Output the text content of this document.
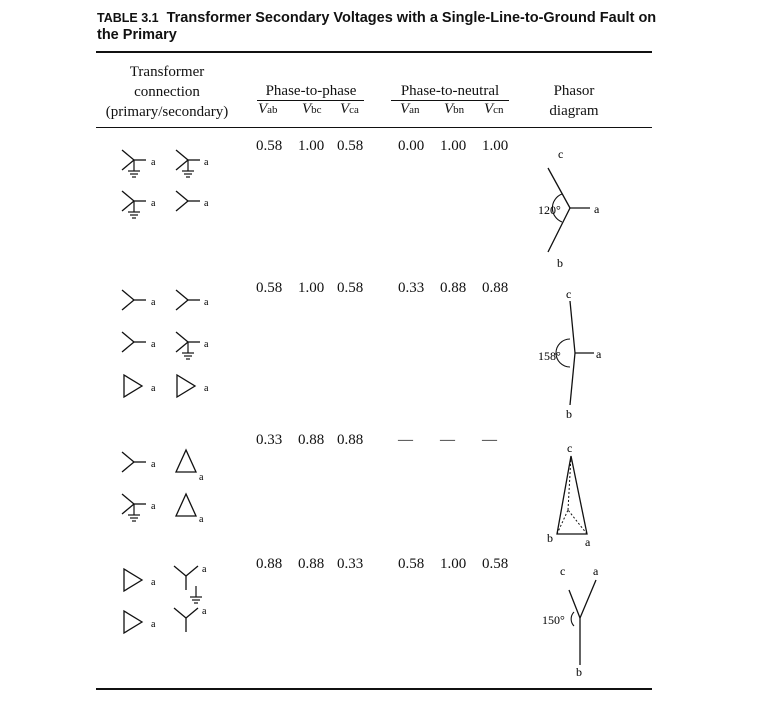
TABLE 3.1 Transformer Secondary Voltages with a Single-Line-to-Ground Fault on the Primary
Transformer
connection
(primary/secondary)
Phase-to-phase	Phase-to-neutral	Phasor
diagram
Vab Vbc Vca	Van Vbn Vcn
0.58 1.00 0.58 0.00 1.00 1.00
0.58 1.00 0.58 0.33 0.88 0.88
0.33 0.88 0.88 — — —
0.88 0.88 0.33 0.58 1.00 0.58
a	a
a	a
a	a
a	a
a	a
a
a
a
a
a
a
a
a
c
a
b
120°
c
a
b
158°
c
a
b
c a
b
150°
